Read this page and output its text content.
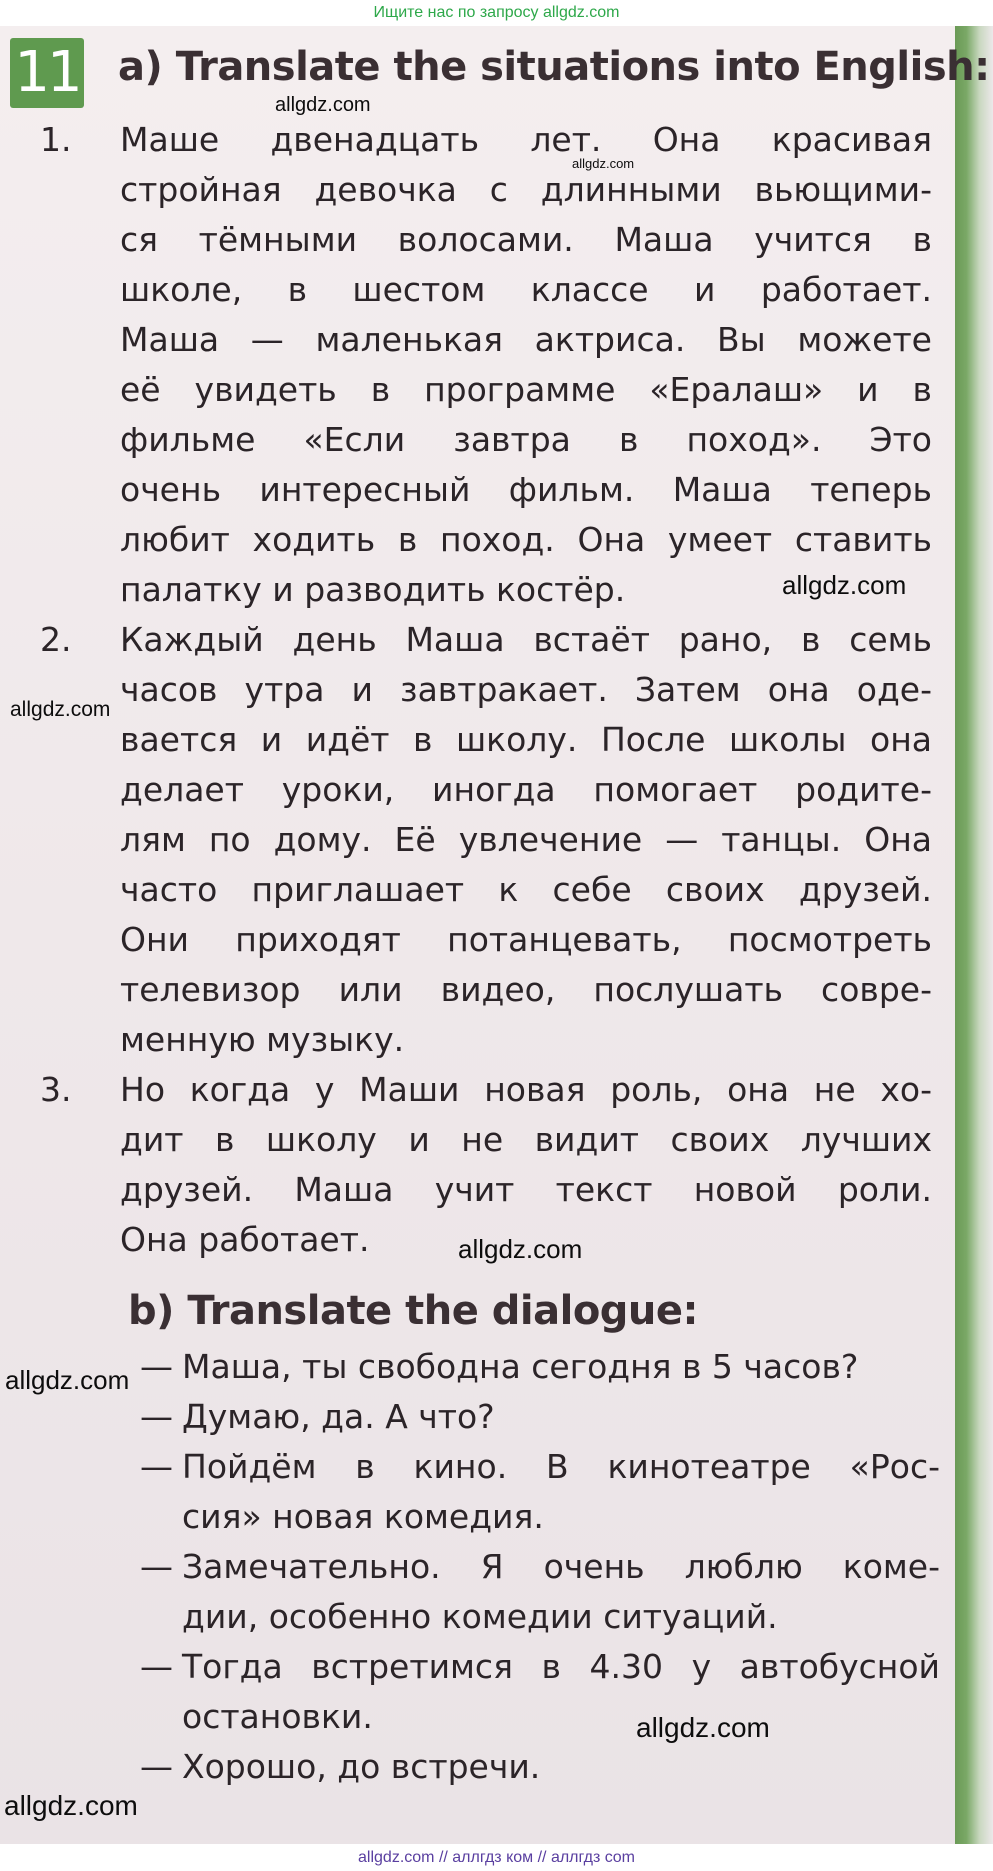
Ищите нас по запросу allgdz.com
11 a) Translate the situations into English:
1. Маше двенадцать лет. Она красивая
стройная девочка с длинными вьющими-
ся тёмными волосами. Маша учится в
школе, в шестом классе и работает.
Маша — маленькая актриса. Вы можете
её увидеть в программе «Ералаш» и в
фильме «Если завтра в поход». Это
очень интересный фильм. Маша теперь
любит ходить в поход. Она умеет ставить
палатку и разводить костёр.
2. Каждый день Маша встаёт рано, в семь
часов утра и завтракает. Затем она оде-
вается и идёт в школу. После школы она
делает уроки, иногда помогает родите-
лям по дому. Её увлечение — танцы. Она
часто приглашает к себе своих друзей.
Они приходят потанцевать, посмотреть
телевизор или видео, послушать совре-
менную музыку.
3. Но когда у Маши новая роль, она не хо-
дит в школу и не видит своих лучших
друзей. Маша учит текст новой роли.
Она работает.
b) Translate the dialogue:
— Маша, ты свободна сегодня в 5 часов?
— Думаю, да. А что?
— Пойдём в кино. В кинотеатре «Рос-
сия» новая комедия.
— Замечательно. Я очень люблю коме-
дии, особенно комедии ситуаций.
— Тогда встретимся в 4.30 у автобусной
остановки.
— Хорошо, до встречи.
allgdz.com
allgdz.com
allgdz.com
allgdz.com
allgdz.com
allgdz.com
allgdz.com
allgdz.com
allgdz.com // аллгдз ком // аллгдз com
